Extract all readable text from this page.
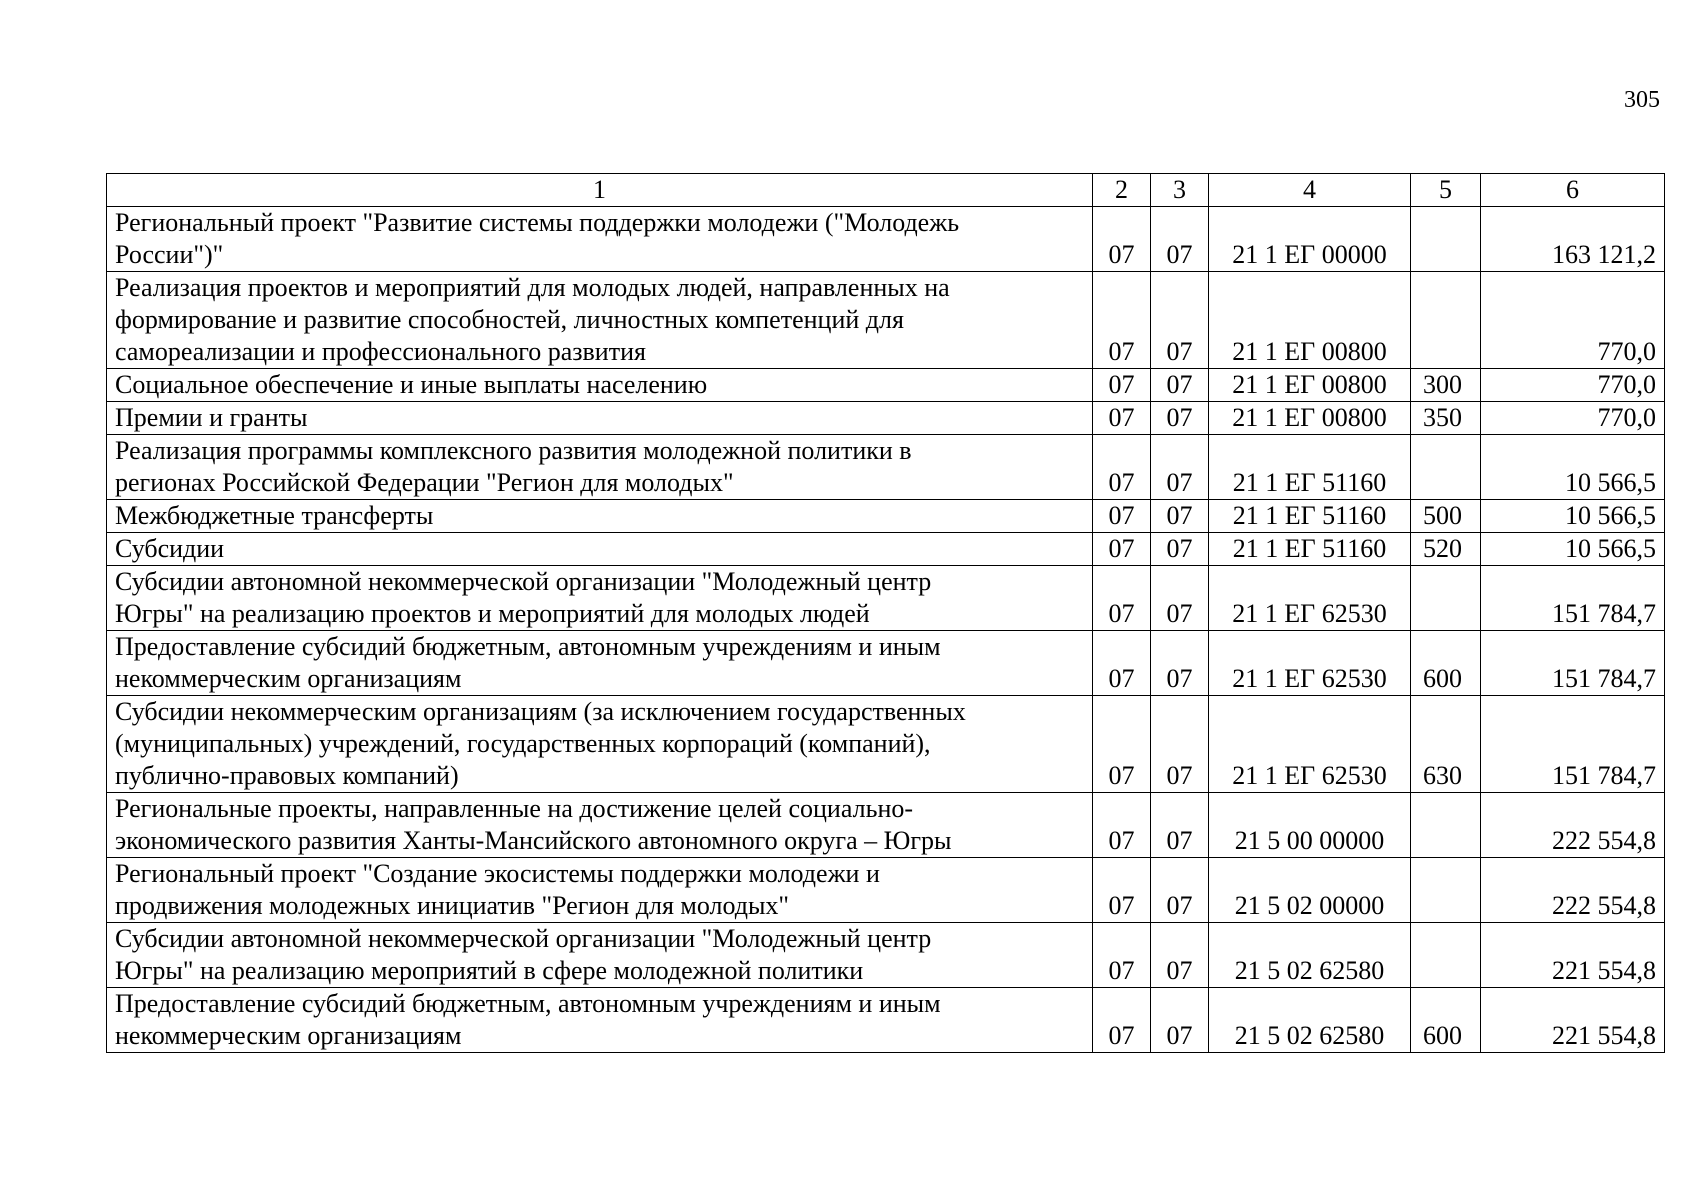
305
1	2	3	4	5	6

Региональный проект "Развитие системы поддержки молодежи ("Молодежь
России")"	07	07	21 1 ЕГ 00000		163 121,2

Реализация проектов и мероприятий для молодых людей, направленных на
формирование и развитие способностей, личностных компетенций для
самореализации и профессионального развития	07	07	21 1 ЕГ 00800		770,0

Социальное обеспечение и иные выплаты населению	07	07	21 1 ЕГ 00800	300	770,0

Премии и гранты	07	07	21 1 ЕГ 00800	350	770,0

Реализация программы комплексного развития молодежной политики в
регионах Российской Федерации "Регион для молодых"	07	07	21 1 ЕГ 51160		10 566,5

Межбюджетные трансферты	07	07	21 1 ЕГ 51160	500	10 566,5

Субсидии	07	07	21 1 ЕГ 51160	520	10 566,5

Субсидии автономной некоммерческой организации "Молодежный центр
Югры" на реализацию проектов и мероприятий для молодых людей	07	07	21 1 ЕГ 62530		151 784,7

Предоставление субсидий бюджетным, автономным учреждениям и иным
некоммерческим организациям	07	07	21 1 ЕГ 62530	600	151 784,7

Субсидии некоммерческим организациям (за исключением государственных
(муниципальных) учреждений, государственных корпораций (компаний),
публично-правовых компаний)	07	07	21 1 ЕГ 62530	630	151 784,7

Региональные проекты, направленные на достижение целей социально-
экономического развития Ханты-Мансийского автономного округа – Югры	07	07	21 5 00 00000		222 554,8

Региональный проект "Создание экосистемы поддержки молодежи и
продвижения молодежных инициатив "Регион для молодых"	07	07	21 5 02 00000		222 554,8

Субсидии автономной некоммерческой организации "Молодежный центр
Югры" на реализацию мероприятий в сфере молодежной политики	07	07	21 5 02 62580		221 554,8

Предоставление субсидий бюджетным, автономным учреждениям и иным
некоммерческим организациям	07	07	21 5 02 62580	600	221 554,8
